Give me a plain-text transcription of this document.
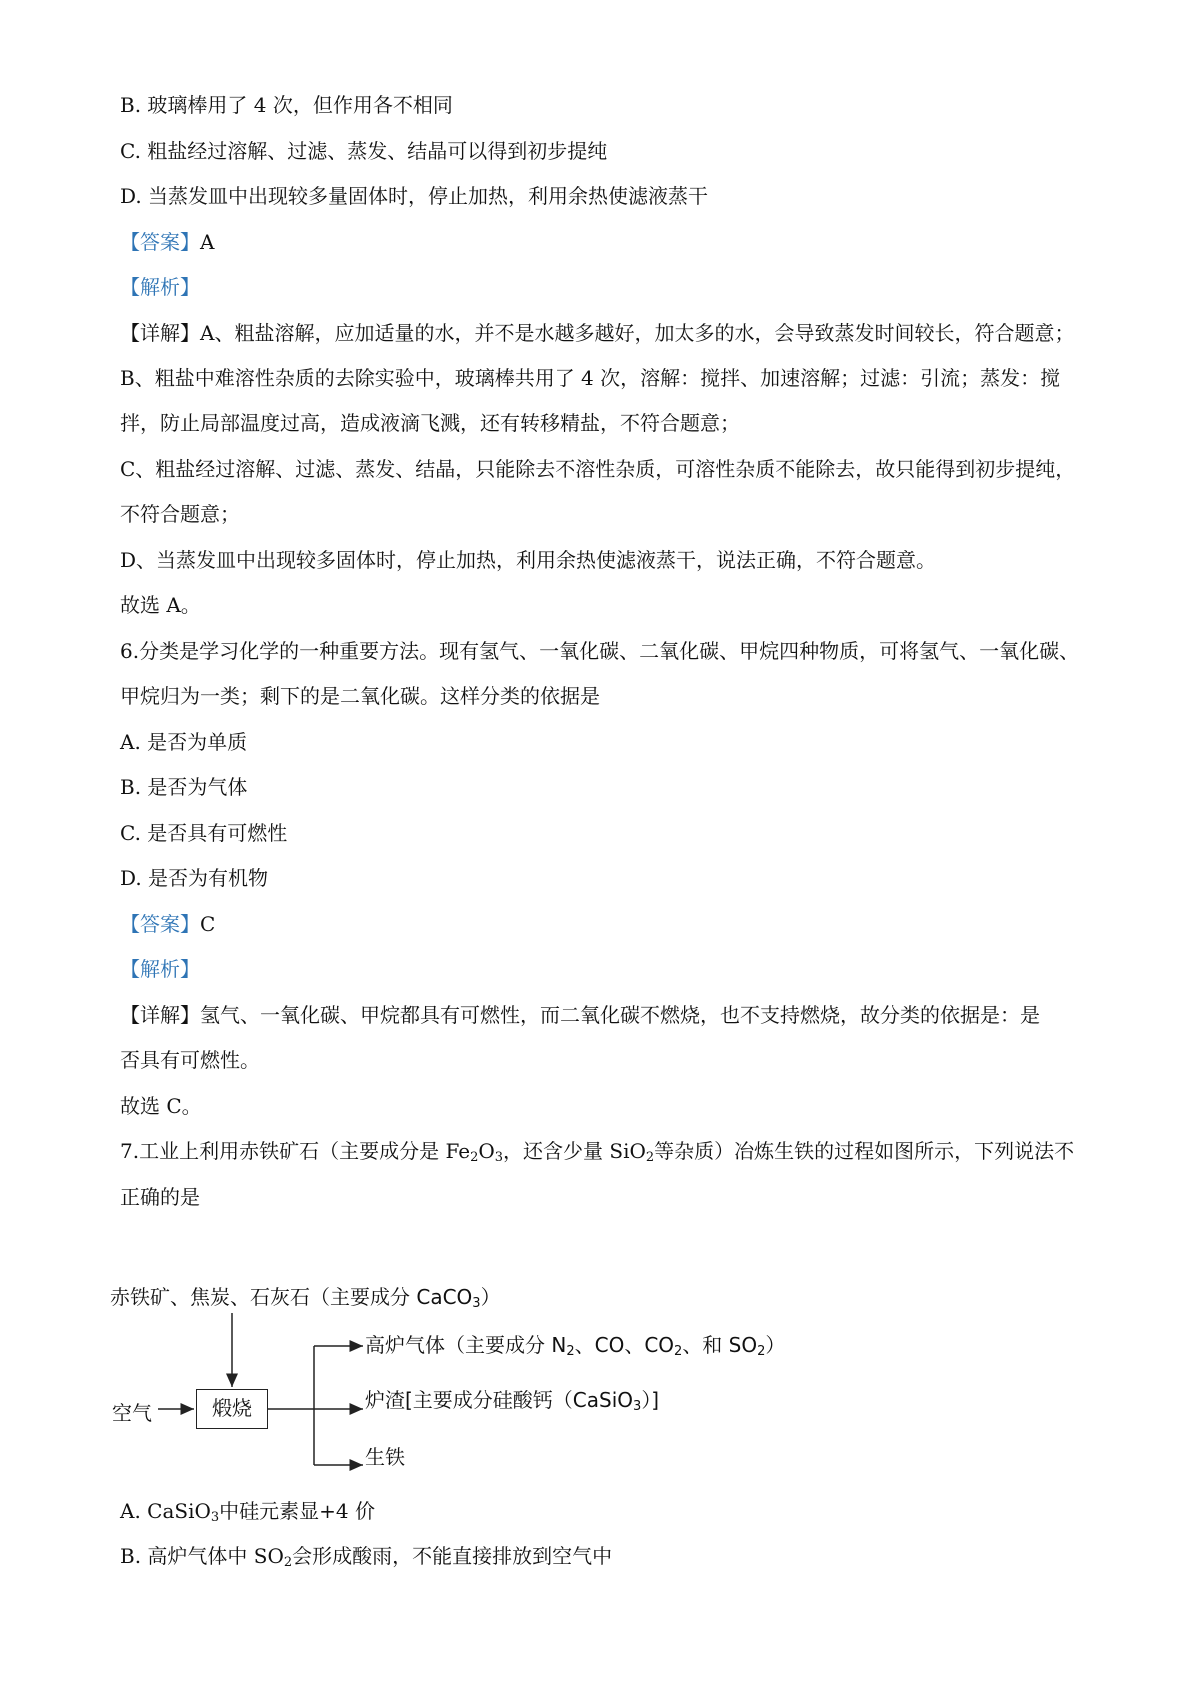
B. 玻璃棒用了 4 次，但作用各不相同
C. 粗盐经过溶解、过滤、蒸发、结晶可以得到初步提纯
D. 当蒸发皿中出现较多量固体时，停止加热，利用余热使滤液蒸干
【答案】A
【解析】
【详解】A、粗盐溶解，应加适量的水，并不是水越多越好，加太多的水，会导致蒸发时间较长，符合题意；
B、粗盐中难溶性杂质的去除实验中，玻璃棒共用了 4 次，溶解：搅拌、加速溶解；过滤：引流；蒸发：搅
拌，防止局部温度过高，造成液滴飞溅，还有转移精盐，不符合题意；
C、粗盐经过溶解、过滤、蒸发、结晶，只能除去不溶性杂质，可溶性杂质不能除去，故只能得到初步提纯，
不符合题意；
D、当蒸发皿中出现较多固体时，停止加热，利用余热使滤液蒸干，说法正确，不符合题意。
故选 A。
6.分类是学习化学的一种重要方法。现有氢气、一氧化碳、二氧化碳、甲烷四种物质，可将氢气、一氧化碳、
甲烷归为一类；剩下的是二氧化碳。这样分类的依据是
A. 是否为单质
B. 是否为气体
C. 是否具有可燃性
D. 是否为有机物
【答案】C
【解析】
【详解】氢气、一氧化碳、甲烷都具有可燃性，而二氧化碳不燃烧，也不支持燃烧，故分类的依据是：是
否具有可燃性。
故选 C。
7.工业上利用赤铁矿石（主要成分是 $Fe_2O_3$，还含少量 SiO$_2$等杂质）冶炼生铁的过程如图所示，下列说法不
正确的是
赤铁矿、焦炭、石灰石（主要成分 CaCO$_3$）
空气	煅烧
高炉气体（主要成分 $N_2$、CO、$CO_2$、和 $SO_2$）
炉渣[主要成分硅酸钙（CaSiO$_3$）]
生铁
A. CaSiO$_3$中硅元素显+4 价
B. 高炉气体中 $SO_2$会形成酸雨，不能直接排放到空气中
